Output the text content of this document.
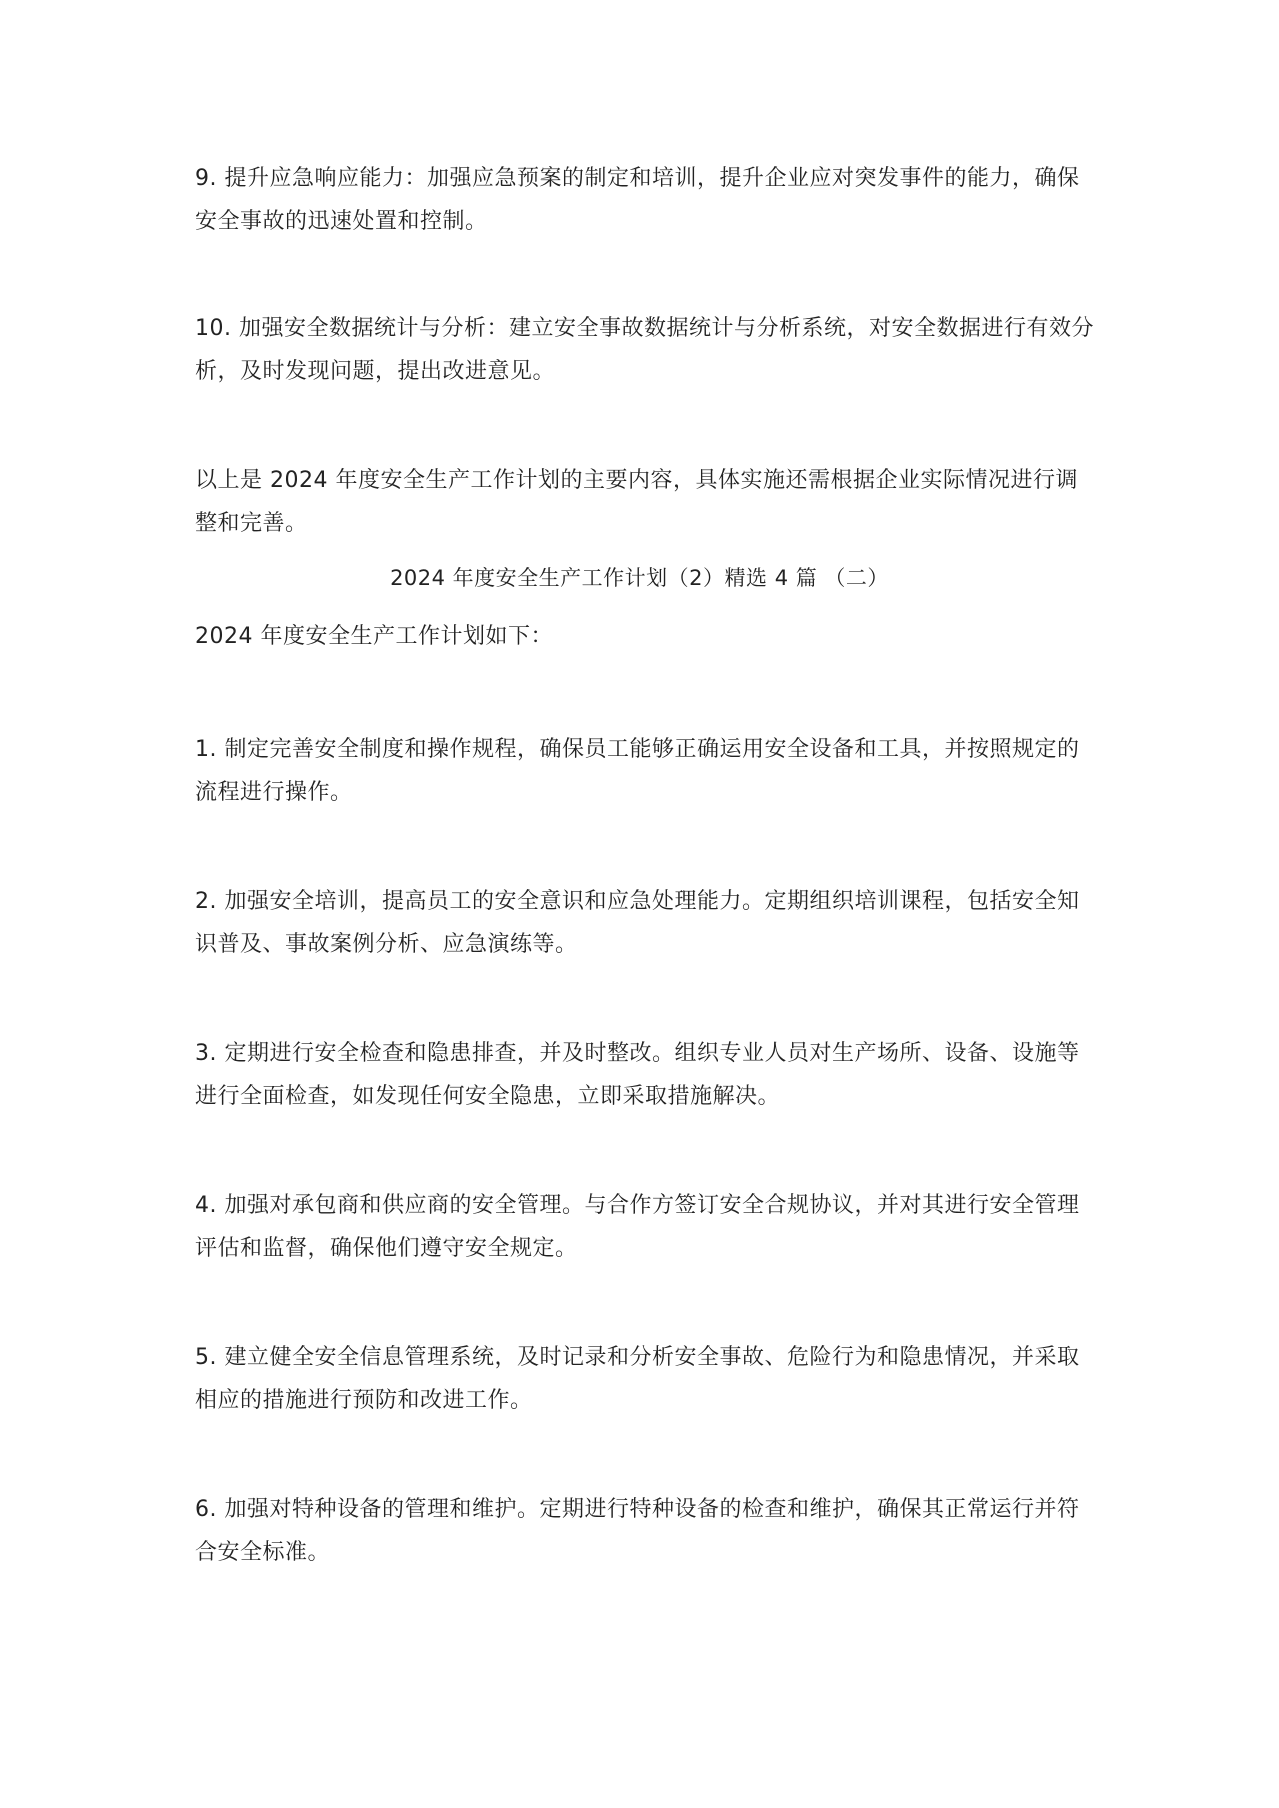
9. 提升应急响应能力：加强应急预案的制定和培训，提升企业应对突发事件的能力，确保安全事故的迅速处置和控制。

10. 加强安全数据统计与分析：建立安全事故数据统计与分析系统，对安全数据进行有效分析，及时发现问题，提出改进意见。

以上是 2024 年度安全生产工作计划的主要内容，具体实施还需根据企业实际情况进行调整和完善。

2024 年度安全生产工作计划（2）精选 4 篇 （二）

2024 年度安全生产工作计划如下：

1. 制定完善安全制度和操作规程，确保员工能够正确运用安全设备和工具，并按照规定的流程进行操作。

2. 加强安全培训，提高员工的安全意识和应急处理能力。定期组织培训课程，包括安全知识普及、事故案例分析、应急演练等。

3. 定期进行安全检查和隐患排查，并及时整改。组织专业人员对生产场所、设备、设施等进行全面检查，如发现任何安全隐患，立即采取措施解决。

4. 加强对承包商和供应商的安全管理。与合作方签订安全合规协议，并对其进行安全管理评估和监督，确保他们遵守安全规定。

5. 建立健全安全信息管理系统，及时记录和分析安全事故、危险行为和隐患情况，并采取相应的措施进行预防和改进工作。

6. 加强对特种设备的管理和维护。定期进行特种设备的检查和维护，确保其正常运行并符合安全标准。
